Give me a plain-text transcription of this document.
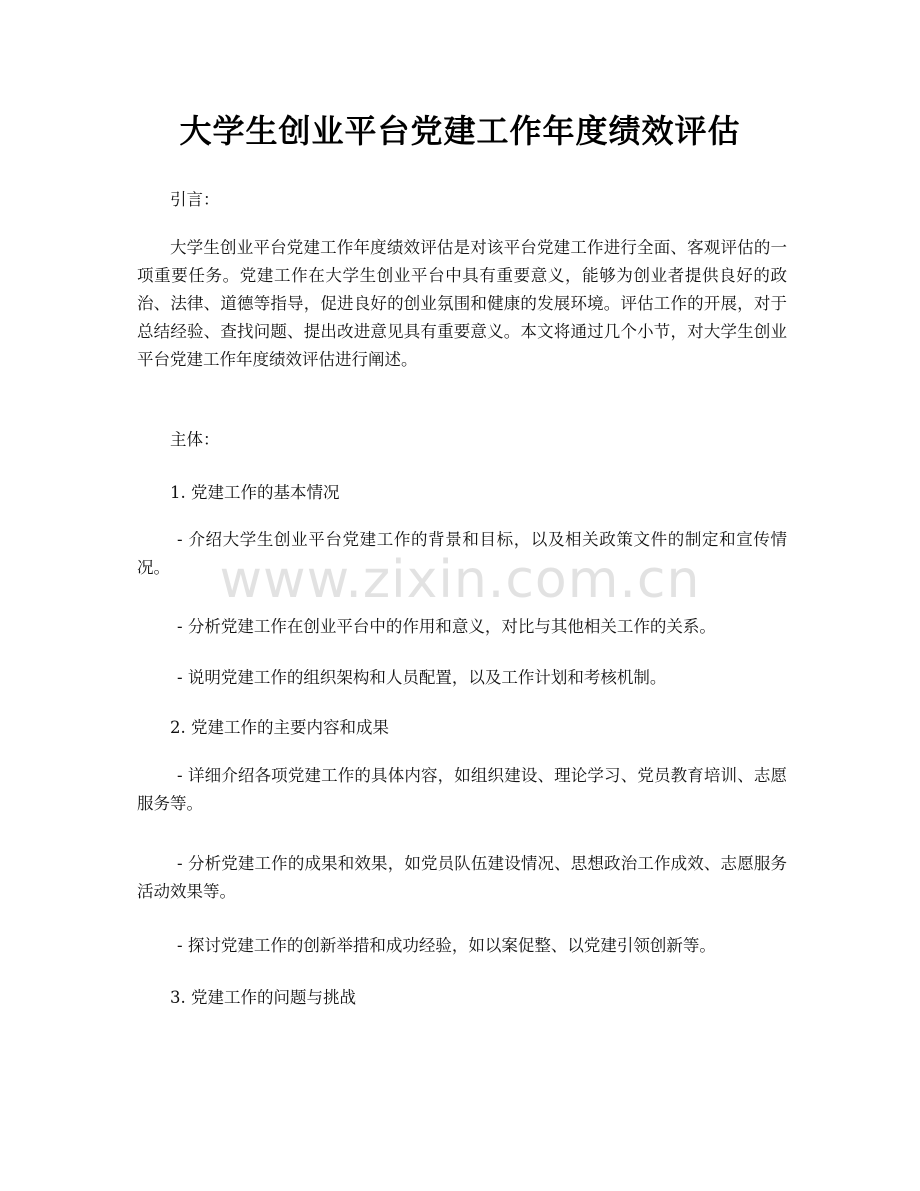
大学生创业平台党建工作年度绩效评估

引言：

大学生创业平台党建工作年度绩效评估是对该平台党建工作进行全面、客观评估的一项重要任务。党建工作在大学生创业平台中具有重要意义，能够为创业者提供良好的政治、法律、道德等指导，促进良好的创业氛围和健康的发展环境。评估工作的开展，对于总结经验、查找问题、提出改进意见具有重要意义。本文将通过几个小节，对大学生创业平台党建工作年度绩效评估进行阐述。

主体：

1. 党建工作的基本情况

- 介绍大学生创业平台党建工作的背景和目标，以及相关政策文件的制定和宣传情况。

- 分析党建工作在创业平台中的作用和意义，对比与其他相关工作的关系。

- 说明党建工作的组织架构和人员配置，以及工作计划和考核机制。

2. 党建工作的主要内容和成果

- 详细介绍各项党建工作的具体内容，如组织建设、理论学习、党员教育培训、志愿服务等。

- 分析党建工作的成果和效果，如党员队伍建设情况、思想政治工作成效、志愿服务活动效果等。

- 探讨党建工作的创新举措和成功经验，如以案促整、以党建引领创新等。

3. 党建工作的问题与挑战

www.zixin.com.cn
